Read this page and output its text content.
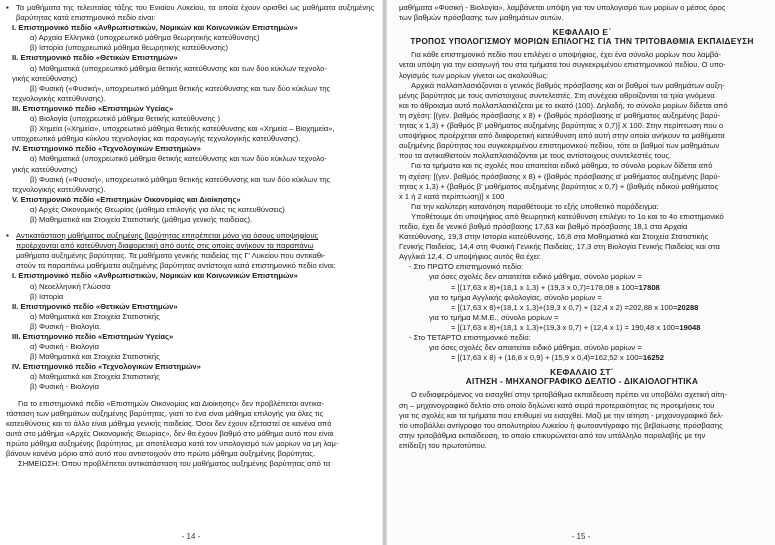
▪ Τα μαθήματα της τελευταίας τάξης του Ενιαίου Λυκείου, τα οποία έχουν ορισθεί ως μαθήματα αυξημένης βαρύτητας κατά επιστημονικό πεδίο είναι:

I. Επιστημονικό πεδίο «Ανθρωπιστικών, Νομικών και Κοινωνικών Επιστημών»

α) Αρχαία Ελληνικά (υποχρεωτικό μάθημα θεωρητικής κατεύθυνσης)

β) Ιστορία (υποχρεωτικό μάθημα θεωρητικής κατεύθυνσης)

II. Επιστημονικό πεδίο «Θετικών Επιστημών»

α) Μαθηματικά (υποχρεωτικό μάθημα θετικής κατεύθυνσης και των δύο κύκλων τεχνολο-

γικής κατεύθυνσης)

β) Φυσική («Φυσική», υποχρεωτικό μάθημα θετικής κατεύθυνσης και των δύο κύκλων της

τεχνολογικής κατεύθυνσης).

III. Επιστημονικό πεδίο «Επιστημών Υγείας»

α) Βιολογία (υποχρεωτικό μάθημα θετικής κατεύθυνσης )

β) Χημεία («Χημεία», υποχρεωτικό μάθημα θετικής κατεύθυνσης και «Χημεία – Βιοχημεία»,

υποχρεωτικό μάθημα κύκλου τεχνολογίας και παραγωγής τεχνολογικής κατεύθυνσης).

IV. Επιστημονικό πεδίο «Τεχνολογικών Επιστημών»

α) Μαθηματικά (υποχρεωτικό μάθημα θετικής κατεύθυνσης και των δύο κύκλων τεχνολο-

γικής κατεύθυνσης)

β) Φυσική («Φυσική», υποχρεωτικό μάθημα θετικής κατεύθυνσης και των δύο κύκλων της

τεχνολογικής κατεύθυνσης).

V. Επιστημονικό πεδίο «Επιστημών Οικονομίας και Διοίκησης»

α) Αρχές Οικονομικής Θεωρίας (μάθημα επιλογής για όλες τις κατευθύνσεις)

β) Μαθηματικά και Στοιχεία Στατιστικής (μάθημα γενικής παιδείας).

▪ Αντικατάσταση μαθήματος αυξημένης βαρύτητας επιτρέπεται μόνο για όσους υποψηφίους

προέρχονται από κατεύθυνση διαφορετική από αυτές στις οποίες ανήκουν τα παραπάνω

μαθήματα αυξημένης βαρύτητας. Τα μαθήματα γενικής παιδείας της Γ' Λυκείου που αντικαθι-

στούν τα παραπάνω μαθήματα αυξημένης βαρύτητας αντίστοιχα κατά επιστημονικό πεδίο είναι:

I. Επιστημονικό πεδίο «Ανθρωπιστικών, Νομικών και Κοινωνικών Επιστημών»

α) Νεοελληνική Γλώσσα

β) Ιστορία

II. Επιστημονικό πεδίο «Θετικών Επιστημών»

α) Μαθηματικά και Στοιχεία Στατιστικής

β) Φυσική - Βιολογία.

III. Επιστημονικό πεδίο «Επιστημών Υγείας»

α) Φυσική - Βιολογία

β) Μαθηματικά και Στοιχεία Στατιστικής

IV. Επιστημονικό πεδίο «Τεχνολογικών Επιστημών»

α) Μαθηματικά και Στοιχεία Στατιστικής

β) Φυσική - Βιολογία

Για το επιστημονικό πεδίο «Επιστημών Οικονομίας και Διοίκησης» δεν προβλέπεται αντικα-

τάσταση των μαθημάτων αυξημένης βαρύτητας, γιατί το ένα είναι μάθημα επιλογής για όλες τις

κατευθύνσεις και το άλλο είναι μάθημα γενικής παιδείας. Όσοι δεν έχουν εξεταστεί σε κανένα από

αυτά στο μάθημα «Αρχές Οικονομικής Θεωρίας», δεν θα έχουν βαθμό στο μάθημα αυτό που είναι

πρώτο μάθημα αυξημένης βαρύτητας, με αποτέλεσμα κατά τον υπολογισμό των μορίων να μη λαμ-

βάνουν κανένα μόριο από αυτό που αντιστοιχούν στο πρώτο μάθημα αυξημένης βαρύτητας.

ΣΗΜΕΙΩΣΗ: Όπου προβλέπεται αντικατάσταση του μαθήματος αυξημένης βαρύτητας από τα

- 14 -

μαθήματα «Φυσική - Βιολογία», λαμβάνεται υπόψη για τον υπολογισμό των μορίων ο μέσος όρος

των βαθμών πρόσβασης των μαθημάτων αυτών.

ΚΕΦΑΛΑΙΟ Ε΄
ΤΡΟΠΟΣ ΥΠΟΛΟΓΙΣΜΟΥ ΜΟΡΙΩΝ ΕΠΙΛΟΓΗΣ ΓΙΑ ΤΗΝ ΤΡΙΤΟΒΑΘΜΙΑ ΕΚΠΑΙΔΕΥΣΗ

Για κάθε επιστημονικό πεδίο που επιλέγει ο υποψήφιος, έχει ένα σύνολο μορίων που λαμβά-

νεται υπόψη για την εισαγωγή του στα τμήματα του συγκεκριμένου επιστημονικού πεδίου. Ο υπο-

λογισμός των μορίων γίνεται ως ακολούθως:

Αρχικά πολλαπλασιάζονται ο γενικός βαθμός πρόσβασης και οι βαθμοί των μαθημάτων αυξη-

μένης βαρύτητας με τους αντίστοιχους συντελεστές. Στη συνέχεια αθροίζονται τα τρία γινόμενα

και το άθροισμα αυτό πολλαπλασιάζεται με το εκατό (100). Δηλαδή, το σύνολο μορίων δίδεται από

τη σχέση: [(γεν. βαθμός πρόσβασης x 8) + (βαθμός πρόσβασης α' μαθήματος αυξημένης βαρύ-

τητας x 1,3) + (βαθμός β' μαθήματος αυξημένης βαρύτητας x 0,7)] X 100. Στην περίπτωση που ο

υποψήφιος προέρχεται από διαφορετική κατεύθυνση από αυτή στην οποία ανήκουν τα μαθήματα

αυξημένης βαρύτητας του συγκεκριμένου επιστημονικού πεδίου, τότε οι βαθμοί των μαθημάτων

που τα αντικαθιστούν πολλαπλασιάζονται με τους αντίστοιχους συντελεστές τους.

Για τα τμήματα και τις σχολές που απαιτείται ειδικό μάθημα, το σύνολο μορίων δίδεται από

τη σχέση: [(γεν. βαθμός πρόσβασης x 8) + (βαθμός πρόσβασης α' μαθήματος αυξημένης βαρύ-

τητας x 1,3) + (βαθμός β' μαθήματος αυξημένης βαρύτητας x 0,7) + (βαθμός ειδικού μαθήματος

x 1 ή 2 κατά περίπτωση)] x 100

Για την καλύτερη κατανόηση παραθέτουμε το εξής υποθετικό παράδειγμα:

Υποθέτουμε ότι υποψήφιος από θεωρητική κατεύθυνση επιλέγει το 1ο και το 4ο επιστημονικό

πεδίο, έχει δε γενικό βαθμό πρόσβασης 17,63 και βαθμό πρόσβασης 18,1 στα Αρχαία

Κατεύθυνσης, 19,3 στην Ιστορία κατεύθυνσης, 16,8 στα Μαθηματικά και Στοιχεία Στατιστικής

Γενικής Παιδείας, 14,4 στη Φυσική Γενικής Παιδείας, 17,3 στη Βιολογία Γενικής Παιδείας και στα

Αγγλικά 12,4. Ο υποψήφιος αυτός θα έχει:

- Στο ΠΡΩΤΟ επιστημονικό πεδίο:

για όσες σχολές δεν απαιτείται ειδικό μάθημα, σύνολο μορίων =

= [(17,63 x 8)+(18,1 x 1,3) + (19,3 x 0,7)=178,08 x 100=17808

για το τμήμα Αγγλικής φιλολογίας, σύνολο μορίων =

= [(17,63 x 8)+(18,1 x 1,3)+(19,3 x 0,7) + (12,4 x 2) =202,88 x 100=20288

για το τμήμα Μ.Μ.Ε., σύνολο μορίων =

= [(17,63 x 8)+(18,1 x 1,3)+(19,3 x 0,7) + (12,4 x 1) = 190,48 x 100=19048

- Στο ΤΕΤΑΡΤΟ επιστημονικό πεδίο:

για όσες σχολές δεν απαιτείται ειδικό μάθημα, σύνολο μορίων =

= [(17,63 x 8) + (16,8 x 0,9) + (15,9 x 0,4)=162,52 x 100=16252

ΚΕΦΑΛΑΙΟ ΣΤ΄
ΑΙΤΗΣΗ - ΜΗΧΑΝΟΓΡΑΦΙΚΟ ΔΕΛΤΙΟ - ΔΙΚΑΙΟΛΟΓΗΤΙΚΑ

Ο ενδιαφερόμενος να εισαχθεί στην τριτοβάθμια εκπαίδευση πρέπει να υποβάλει σχετική αίτη-

ση – μηχανογραφικό δελτίο στο οποίο δηλώνει κατά σειρά προτεραιότητας τις προτιμήσεις του

για τις σχολές και τα τμήματα που επιθυμεί να εισαχθεί. Μαζί με την αίτηση - μηχανογραφικό δελ-

τίο υποβάλλει αντίγραφο του απολυτηρίου Λυκείου ή φωτοαντίγραφο της βεβαίωσης πρόσβασης

στην τριτοβάθμια εκπαίδευση, το οποίο επικυρώνεται από τον υπάλληλο παραλαβής με την

επίδειξη του πρωτοτύπου.

- 15 -
